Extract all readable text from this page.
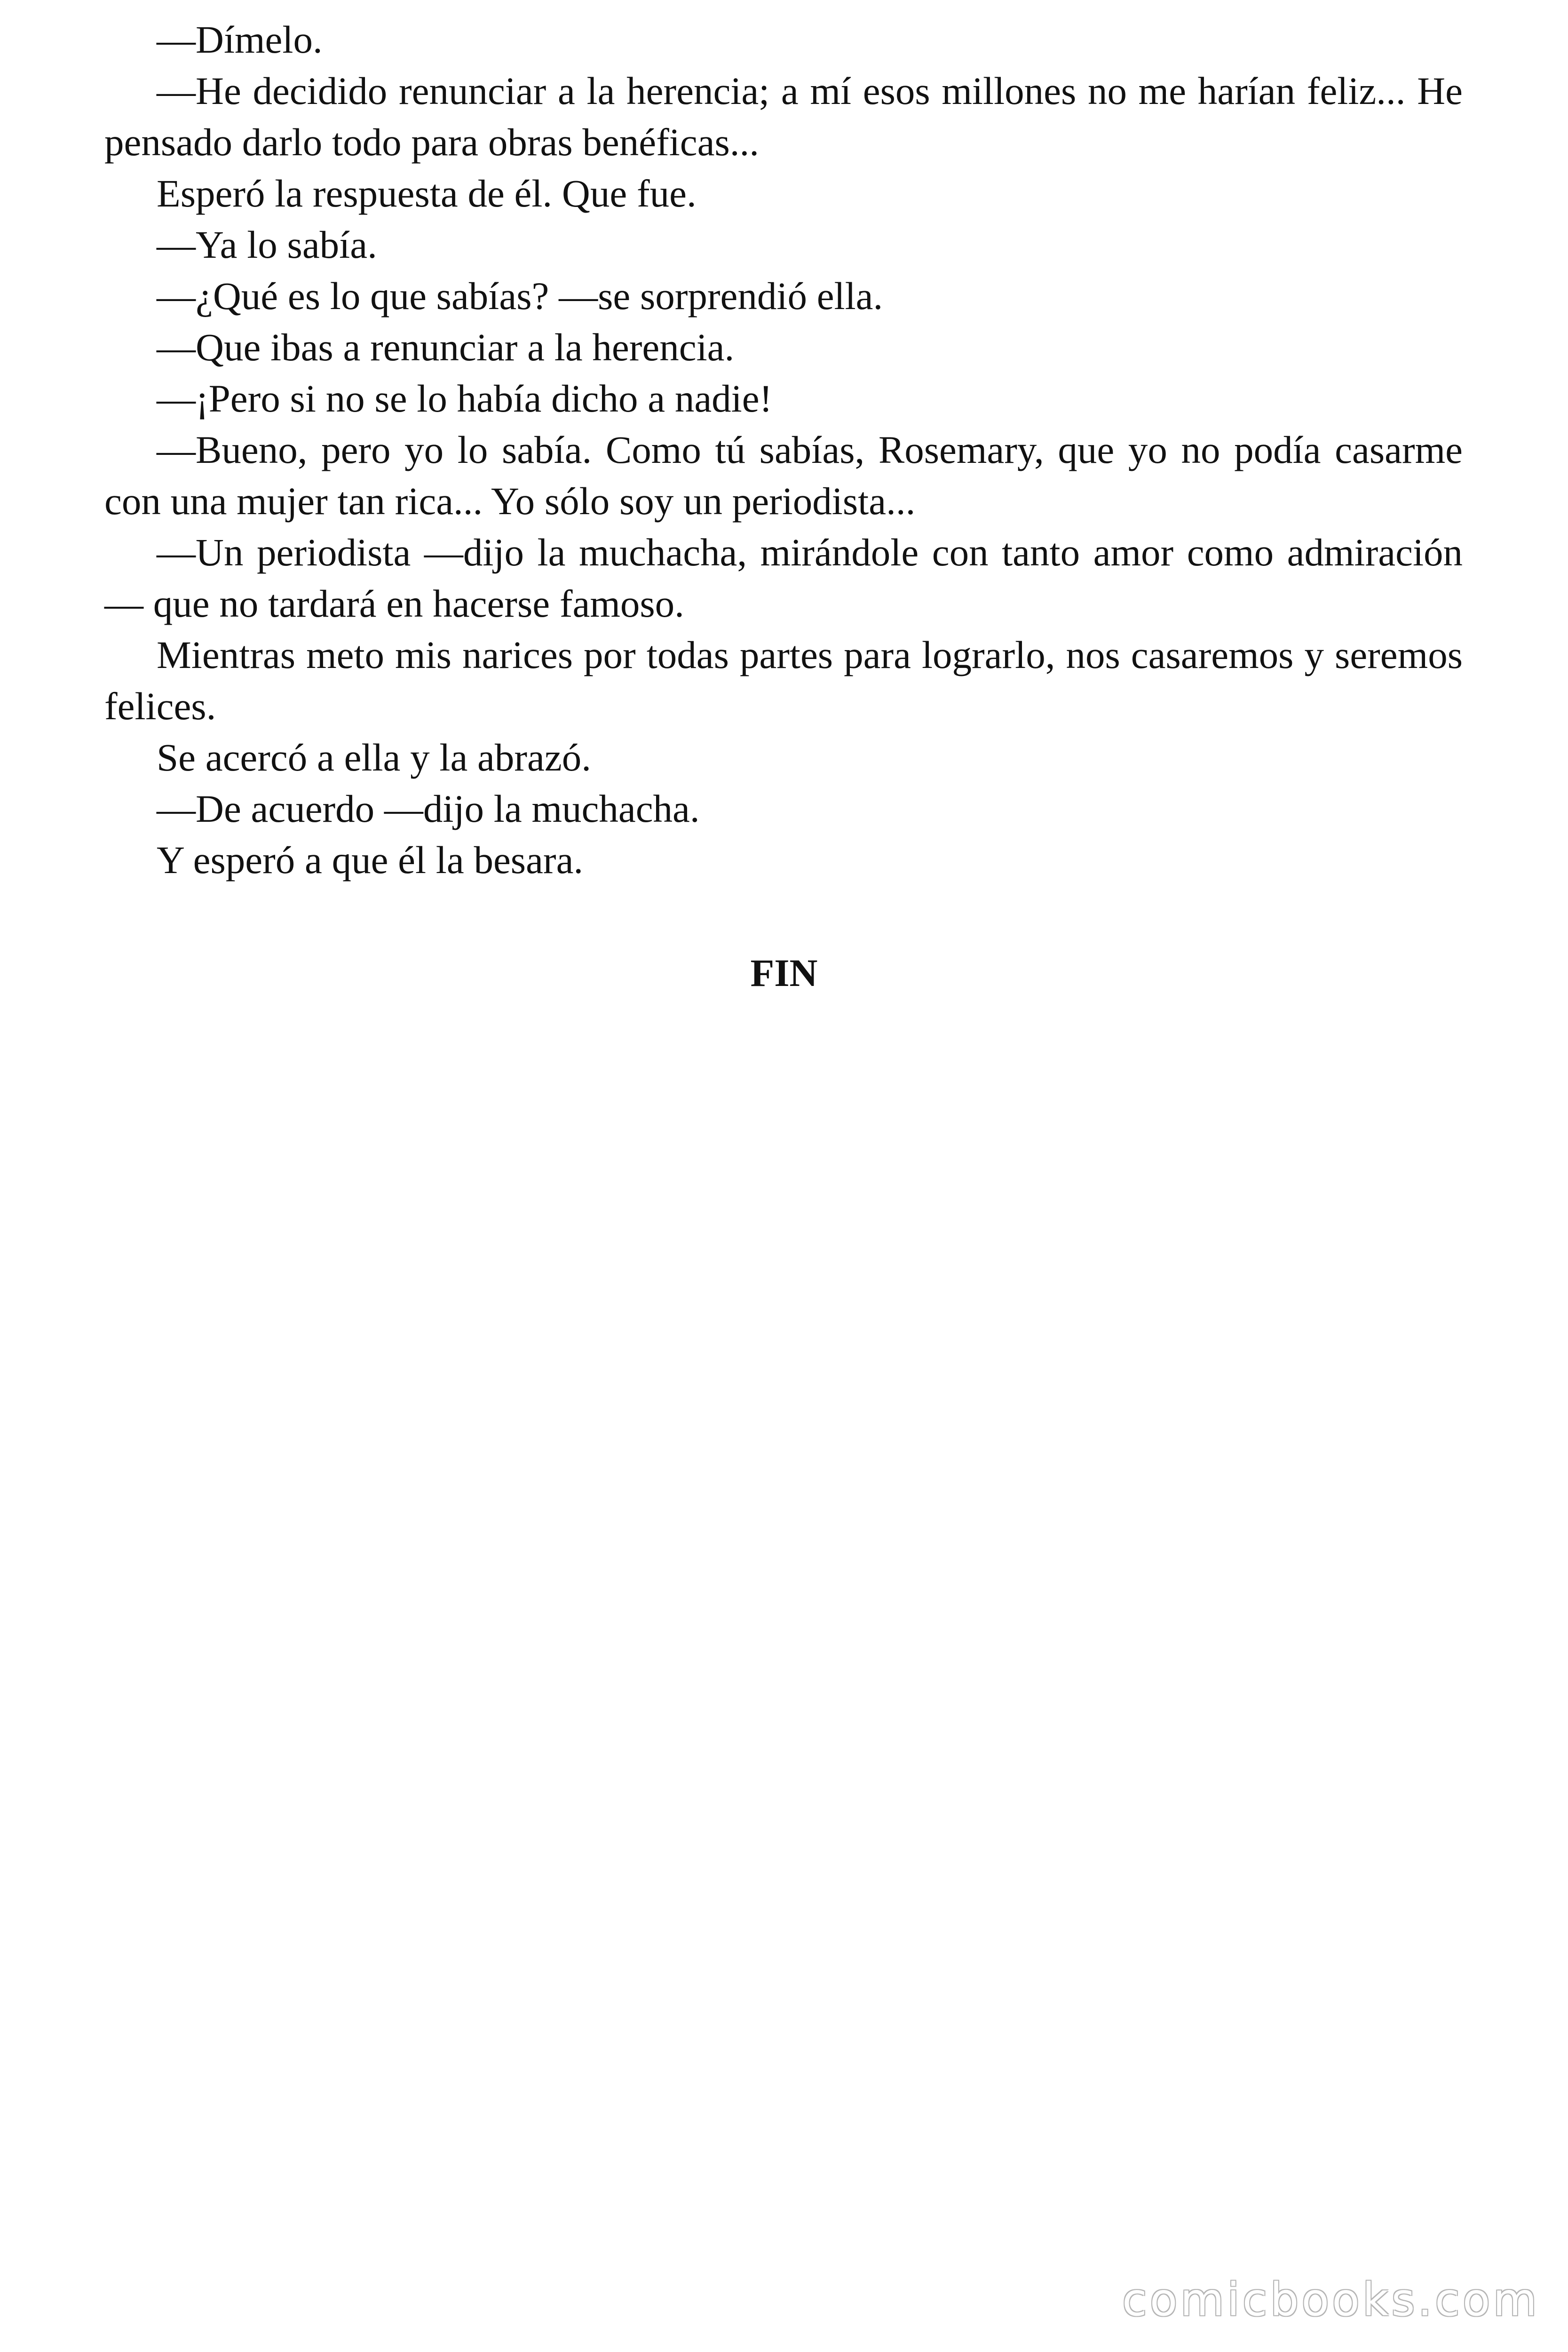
—Dímelo.

—He decidido renunciar a la herencia; a mí esos millones no me harían feliz... He pensado darlo todo para obras benéficas...

Esperó la respuesta de él. Que fue.

—Ya lo sabía.

—¿Qué es lo que sabías? —se sorprendió ella.

—Que ibas a renunciar a la herencia.

—¡Pero si no se lo había dicho a nadie!

—Bueno, pero yo lo sabía. Como tú sabías, Rosemary, que yo no podía casarme con una mujer tan rica... Yo sólo soy un periodista...

—Un periodista —dijo la muchacha, mirándole con tanto amor como admiración— que no tardará en hacerse famoso.

Mientras meto mis narices por todas partes para lograrlo, nos casaremos y seremos felices.

Se acercó a ella y la abrazó.

—De acuerdo —dijo la muchacha.

Y esperó a que él la besara.

FIN
comicbooks.com
